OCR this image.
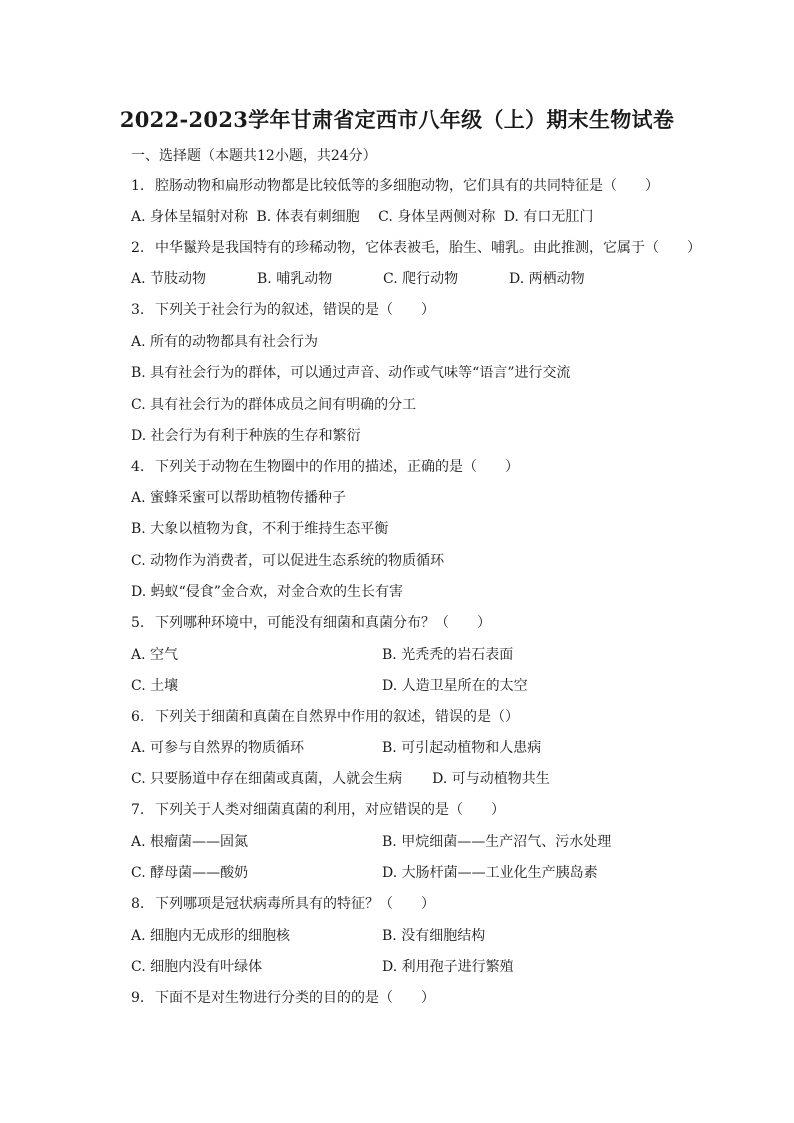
2022-2023学年甘肃省定西市八年级（上）期末生物试卷
一、选择题（本题共12小题，共24分）
1. 腔肠动物和扁形动物都是比较低等的多细胞动物，它们具有的共同特征是（　　）
A. 身体呈辐射对称 B. 体表有刺细胞 C. 身体呈两侧对称 D. 有口无肛门
2. 中华鬣羚是我国特有的珍稀动物，它体表被毛，胎生、哺乳。由此推测，它属于（　　）
A. 节肢动物	B. 哺乳动物	C. 爬行动物	D. 两栖动物
3. 下列关于社会行为的叙述，错误的是（　　）
A. 所有的动物都具有社会行为
B. 具有社会行为的群体，可以通过声音、动作或气味等“语言”进行交流
C. 具有社会行为的群体成员之间有明确的分工
D. 社会行为有利于种族的生存和繁衍
4. 下列关于动物在生物圈中的作用的描述，正确的是（　　）
A. 蜜蜂采蜜可以帮助植物传播种子
B. 大象以植物为食，不利于维持生态平衡
C. 动物作为消费者，可以促进生态系统的物质循环
D. 蚂蚁“侵食”金合欢，对金合欢的生长有害
5. 下列哪种环境中，可能没有细菌和真菌分布？（　　）
A. 空气	B. 光秃秃的岩石表面
C. 土壤	D. 人造卫星所在的太空
6. 下列关于细菌和真菌在自然界中作用的叙述，错误的是（）
A. 可参与自然界的物质循环	B. 可引起动植物和人患病
C. 只要肠道中存在细菌或真菌，人就会生病 D. 可与动植物共生
7. 下列关于人类对细菌真菌的利用，对应错误的是（　　）
A. 根瘤菌——固氮	B. 甲烷细菌——生产沼气、污水处理
C. 酵母菌——酸奶	D. 大肠杆菌——工业化生产胰岛素
8. 下列哪项是冠状病毒所具有的特征？（　　）
A. 细胞内无成形的细胞核	B. 没有细胞结构
C. 细胞内没有叶绿体	D. 利用孢子进行繁殖
9. 下面不是对生物进行分类的目的的是（　　）
